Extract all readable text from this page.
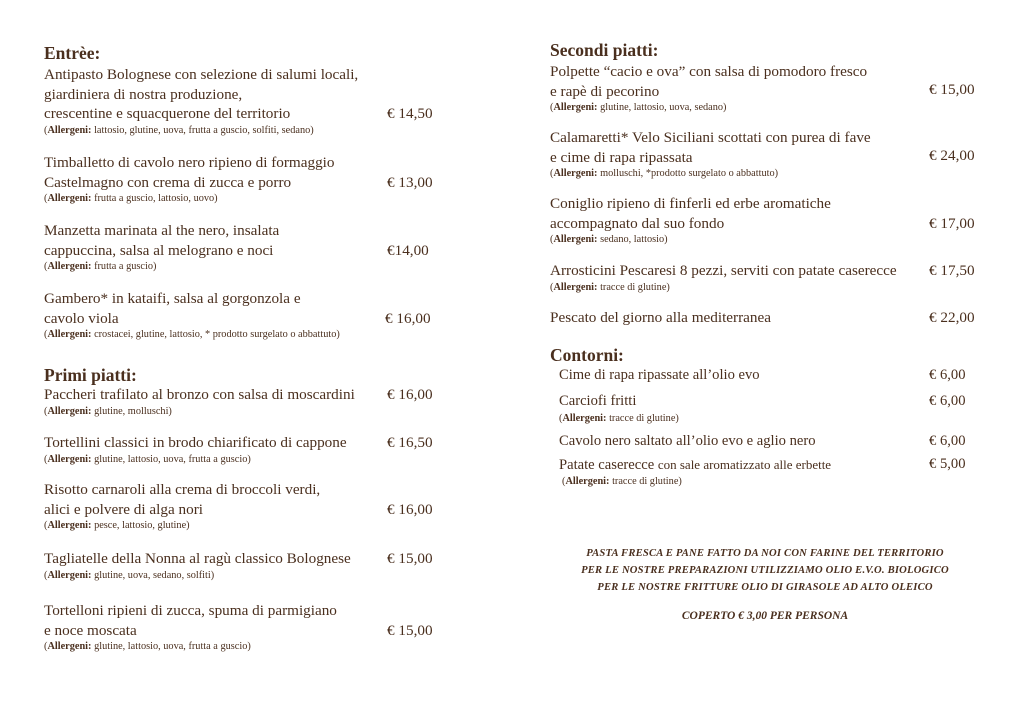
Entrèe:
Antipasto Bolognese con selezione di salumi locali,
giardiniera di nostra produzione,
crescentine e squacquerone del territorio	€ 14,50
(Allergeni: lattosio, glutine, uova, frutta a guscio, solfiti, sedano)
Timballetto di cavolo nero ripieno di formaggio
Castelmagno con crema di zucca e porro	€ 13,00
(Allergeni: frutta a guscio, lattosio, uovo)
Manzetta marinata al the nero, insalata
cappuccina, salsa al melograno e noci	€14,00
(Allergeni: frutta a guscio)
Gambero* in kataifi, salsa al gorgonzola e
cavolo viola	€ 16,00
(Allergeni: crostacei, glutine, lattosio, * prodotto surgelato o abbattuto)
Primi piatti:
Paccheri trafilato al bronzo con salsa di moscardini € 16,00
(Allergeni: glutine, molluschi)
Tortellini classici in brodo chiarificato di cappone	€ 16,50
(Allergeni: glutine, lattosio, uova, frutta a guscio)
Risotto carnaroli alla crema di broccoli verdi,
alici e polvere di alga nori	€ 16,00
(Allergeni: pesce, lattosio, glutine)
Tagliatelle della Nonna al ragù classico Bolognese € 15,00
(Allergeni: glutine, uova, sedano, solfiti)
Tortelloni ripieni di zucca, spuma di parmigiano
e noce moscata	€ 15,00
(Allergeni: glutine, lattosio, uova, frutta a guscio)
Secondi piatti:
Polpette “cacio e ova” con salsa di pomodoro fresco
e rapè di pecorino	€ 15,00
(Allergeni: glutine, lattosio, uova, sedano)
Calamaretti* Velo Siciliani scottati con purea di fave
e cime di rapa ripassata	€ 24,00
(Allergeni: molluschi, *prodotto surgelato o abbattuto)
Coniglio ripieno di finferli ed erbe aromatiche
accompagnato dal suo fondo	€ 17,00
(Allergeni: sedano, lattosio)
Arrosticini Pescaresi 8 pezzi, serviti con patate caserecce € 17,50
(Allergeni: tracce di glutine)
Pescato del giorno alla mediterranea	€ 22,00
Contorni:
Cime di rapa ripassate all’olio evo	€ 6,00
Carciofi fritti	€ 6,00
(Allergeni: tracce di glutine)
Cavolo nero saltato all’olio evo e aglio nero	€ 6,00
Patate caserecce con sale aromatizzato alle erbette	€ 5,00
(Allergeni: tracce di glutine)
PASTA FRESCA E PANE FATTO DA NOI CON FARINE DEL TERRITORIO
PER LE NOSTRE PREPARAZIONI UTILIZZIAMO OLIO E.V.O. BIOLOGICO
PER LE NOSTRE FRITTURE OLIO DI GIRASOLE AD ALTO OLEICO
COPERTO € 3,00 PER PERSONA
